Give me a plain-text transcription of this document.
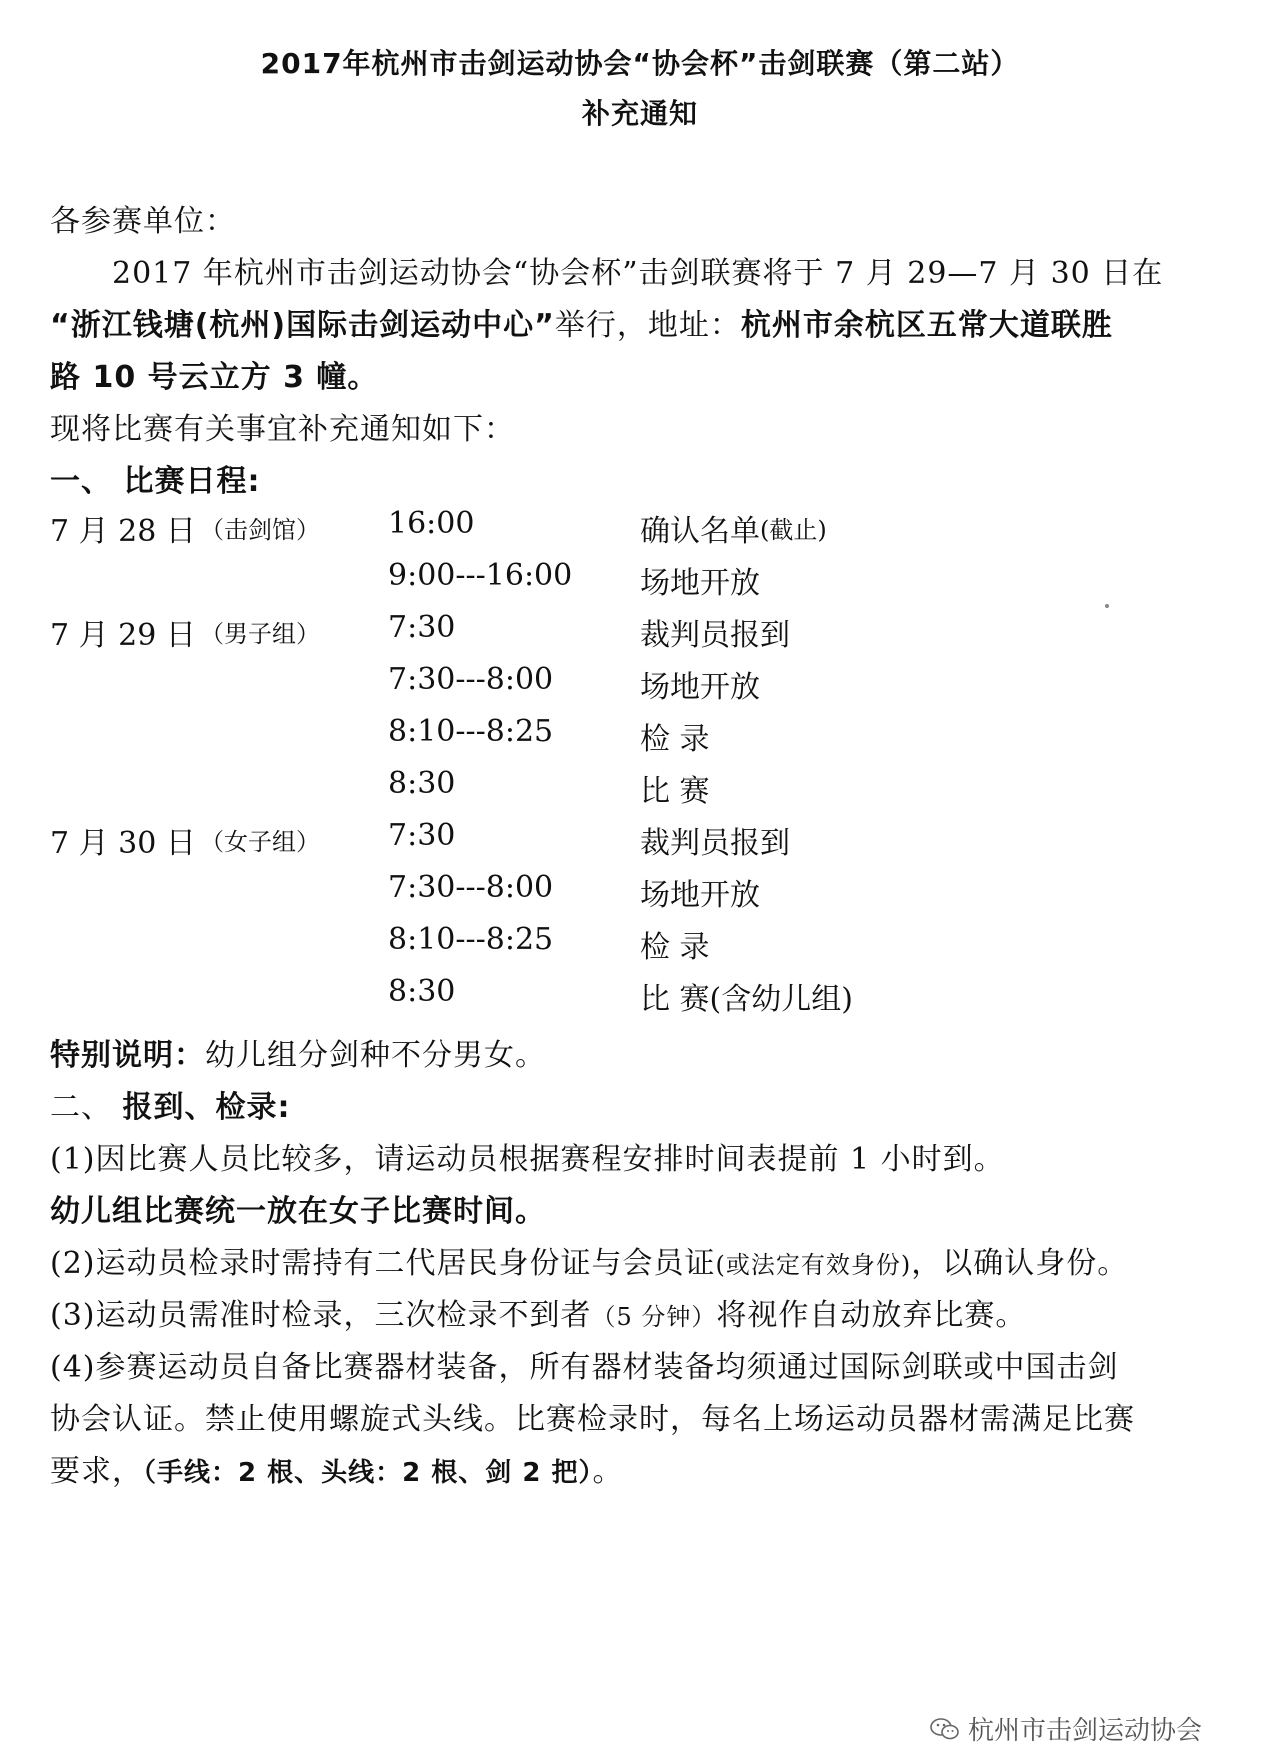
2017年杭州市击剑运动协会“协会杯”击剑联赛（第二站）
补充通知
各参赛单位：
2017 年杭州市击剑运动协会“协会杯”击剑联赛将于 7 月 29—7 月 30 日在
“浙江钱塘(杭州)国际击剑运动中心”举行，地址：杭州市余杭区五常大道联胜
路 10 号云立方 3 幢。
现将比赛有关事宜补充通知如下：
一、 比赛日程:
7 月 28 日 （击剑馆） 16:00	确认名单 (截止)
9:00---16:00 场地开放
7 月 29 日 （男子组） 7:30	裁判员报到
7:30---8:00	场地开放
8:10---8:25	检 录
8:30	比 赛
7 月 30 日 （女子组） 7:30	裁判员报到
7:30---8:00	场地开放
8:10---8:25	检 录
8:30	比 赛(含幼儿组)
特别说明：幼儿组分剑种不分男女。
二、 报到、检录:
(1)因比赛人员比较多，请运动员根据赛程安排时间表提前 1 小时到。
幼儿组比赛统一放在女子比赛时间。
(2)运动员检录时需持有二代居民身份证与会员证(或法定有效身份)，以确认身份。
(3)运动员需准时检录，三次检录不到者（5 分钟）将视作自动放弃比赛。
(4)参赛运动员自备比赛器材装备，所有器材装备均须通过国际剑联或中国击剑
协会认证。禁止使用螺旋式头线。比赛检录时，每名上场运动员器材需满足比赛
要求，（手线：2 根、头线：2 根、剑 2 把）。
杭州市击剑运动协会
